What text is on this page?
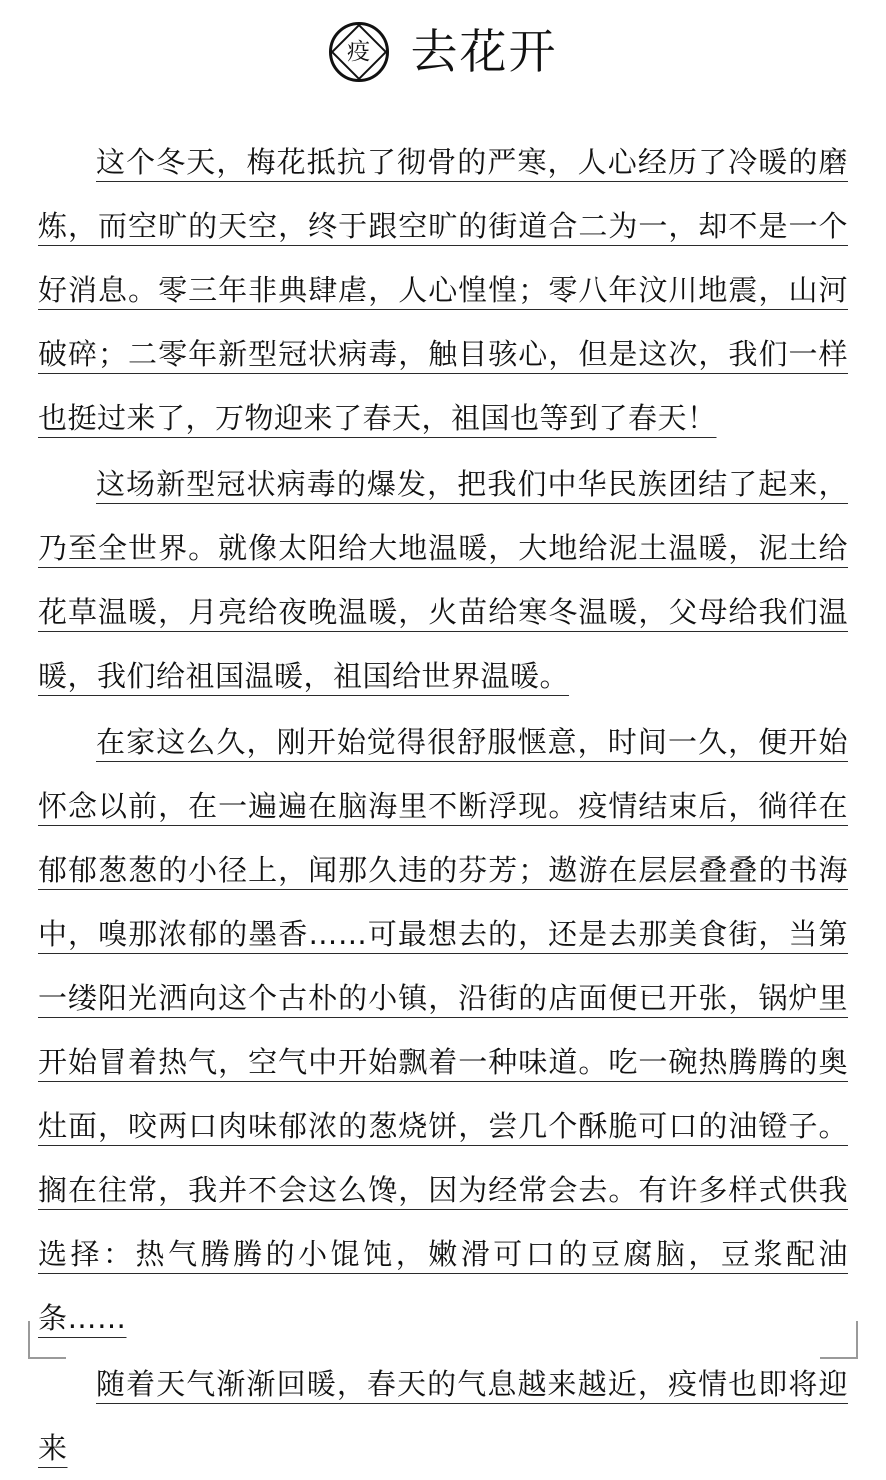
疫 去花开

这个冬天，梅花抵抗了彻骨的严寒，人心经历了冷暖的磨炼，而空旷的天空，终于跟空旷的街道合二为一，却不是一个好消息。零三年非典肆虐，人心惶惶；零八年汶川地震，山河破碎；二零年新型冠状病毒，触目骇心，但是这次，我们一样也挺过来了，万物迎来了春天，祖国也等到了春天！

这场新型冠状病毒的爆发，把我们中华民族团结了起来，乃至全世界。就像太阳给大地温暖，大地给泥土温暖，泥土给花草温暖，月亮给夜晚温暖，火苗给寒冬温暖，父母给我们温暖，我们给祖国温暖，祖国给世界温暖。

在家这么久，刚开始觉得很舒服惬意，时间一久，便开始怀念以前，在一遍遍在脑海里不断浮现。疫情结束后，徜徉在郁郁葱葱的小径上，闻那久违的芬芳；遨游在层层叠叠的书海中，嗅那浓郁的墨香……可最想去的，还是去那美食街，当第一缕阳光洒向这个古朴的小镇，沿街的店面便已开张，锅炉里开始冒着热气，空气中开始飘着一种味道。吃一碗热腾腾的奥灶面，咬两口肉味郁浓的葱烧饼，尝几个酥脆可口的油镫子。搁在往常，我并不会这么馋，因为经常会去。有许多样式供我选择：热气腾腾的小馄饨，嫩滑可口的豆腐脑，豆浆配油条……

随着天气渐渐回暖，春天的气息越来越近，疫情也即将迎来
